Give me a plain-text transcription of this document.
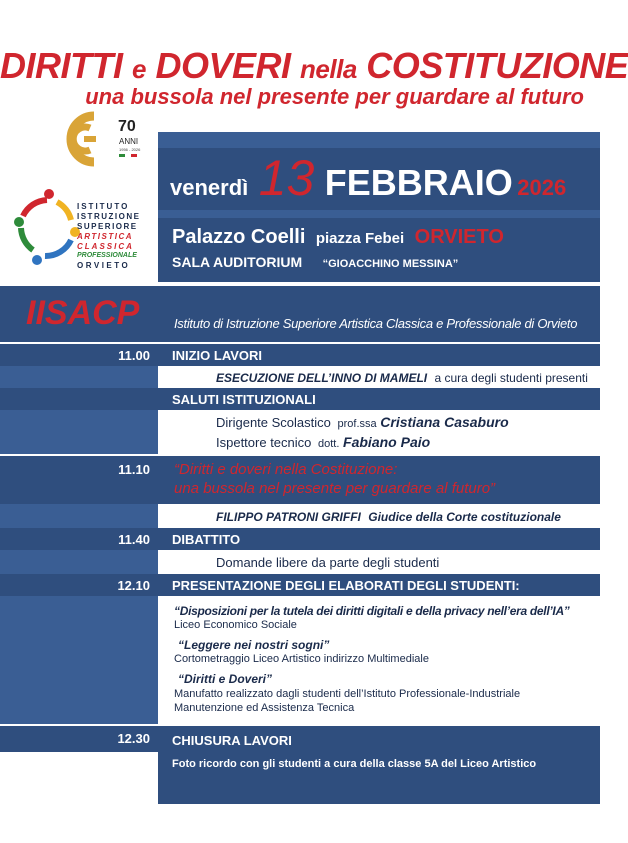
DIRITTI e DOVERI nella COSTITUZIONE
una bussola nel presente per guardare al futuro
70
ANNI
1956 - 2026
ISTITUTO
ISTRUZIONE
SUPERIORE
ARTISTICA
CLASSICA
PROFESSIONALE
ORVIETO
venerdì 13 FEBBRAIO 2026
Palazzo Coelli piazza Febei ORVIETO
SALA AUDITORIUM “GIOACCHINO MESSINA”
IISACP	Istituto di Istruzione Superiore Artistica Classica e Professionale di Orvieto
11.00 INIZIO LAVORI
ESECUZIONE DELL’INNO DI MAMELI a cura degli studenti presenti
SALUTI ISTITUZIONALI
Dirigente Scolastico prof.ssa Cristiana Casaburo
Ispettore tecnico dott. Fabiano Paio
11.10 “Diritti e doveri nella Costituzione:
una bussola nel presente per guardare al futuro”
FILIPPO PATRONI GRIFFI Giudice della Corte costituzionale
11.40 DIBATTITO
Domande libere da parte degli studenti
12.10 PRESENTAZIONE DEGLI ELABORATI DEGLI STUDENTI:
“Disposizioni per la tutela dei diritti digitali e della privacy nell’era dell’IA”
Liceo Economico Sociale
“Leggere nei nostri sogni”
Cortometraggio Liceo Artistico indirizzo Multimediale
“Diritti e Doveri”
Manufatto realizzato dagli studenti dell’Istituto Professionale-Industriale
Manutenzione ed Assistenza Tecnica
12.30 CHIUSURA LAVORI
Foto ricordo con gli studenti a cura della classe 5A del Liceo Artistico
